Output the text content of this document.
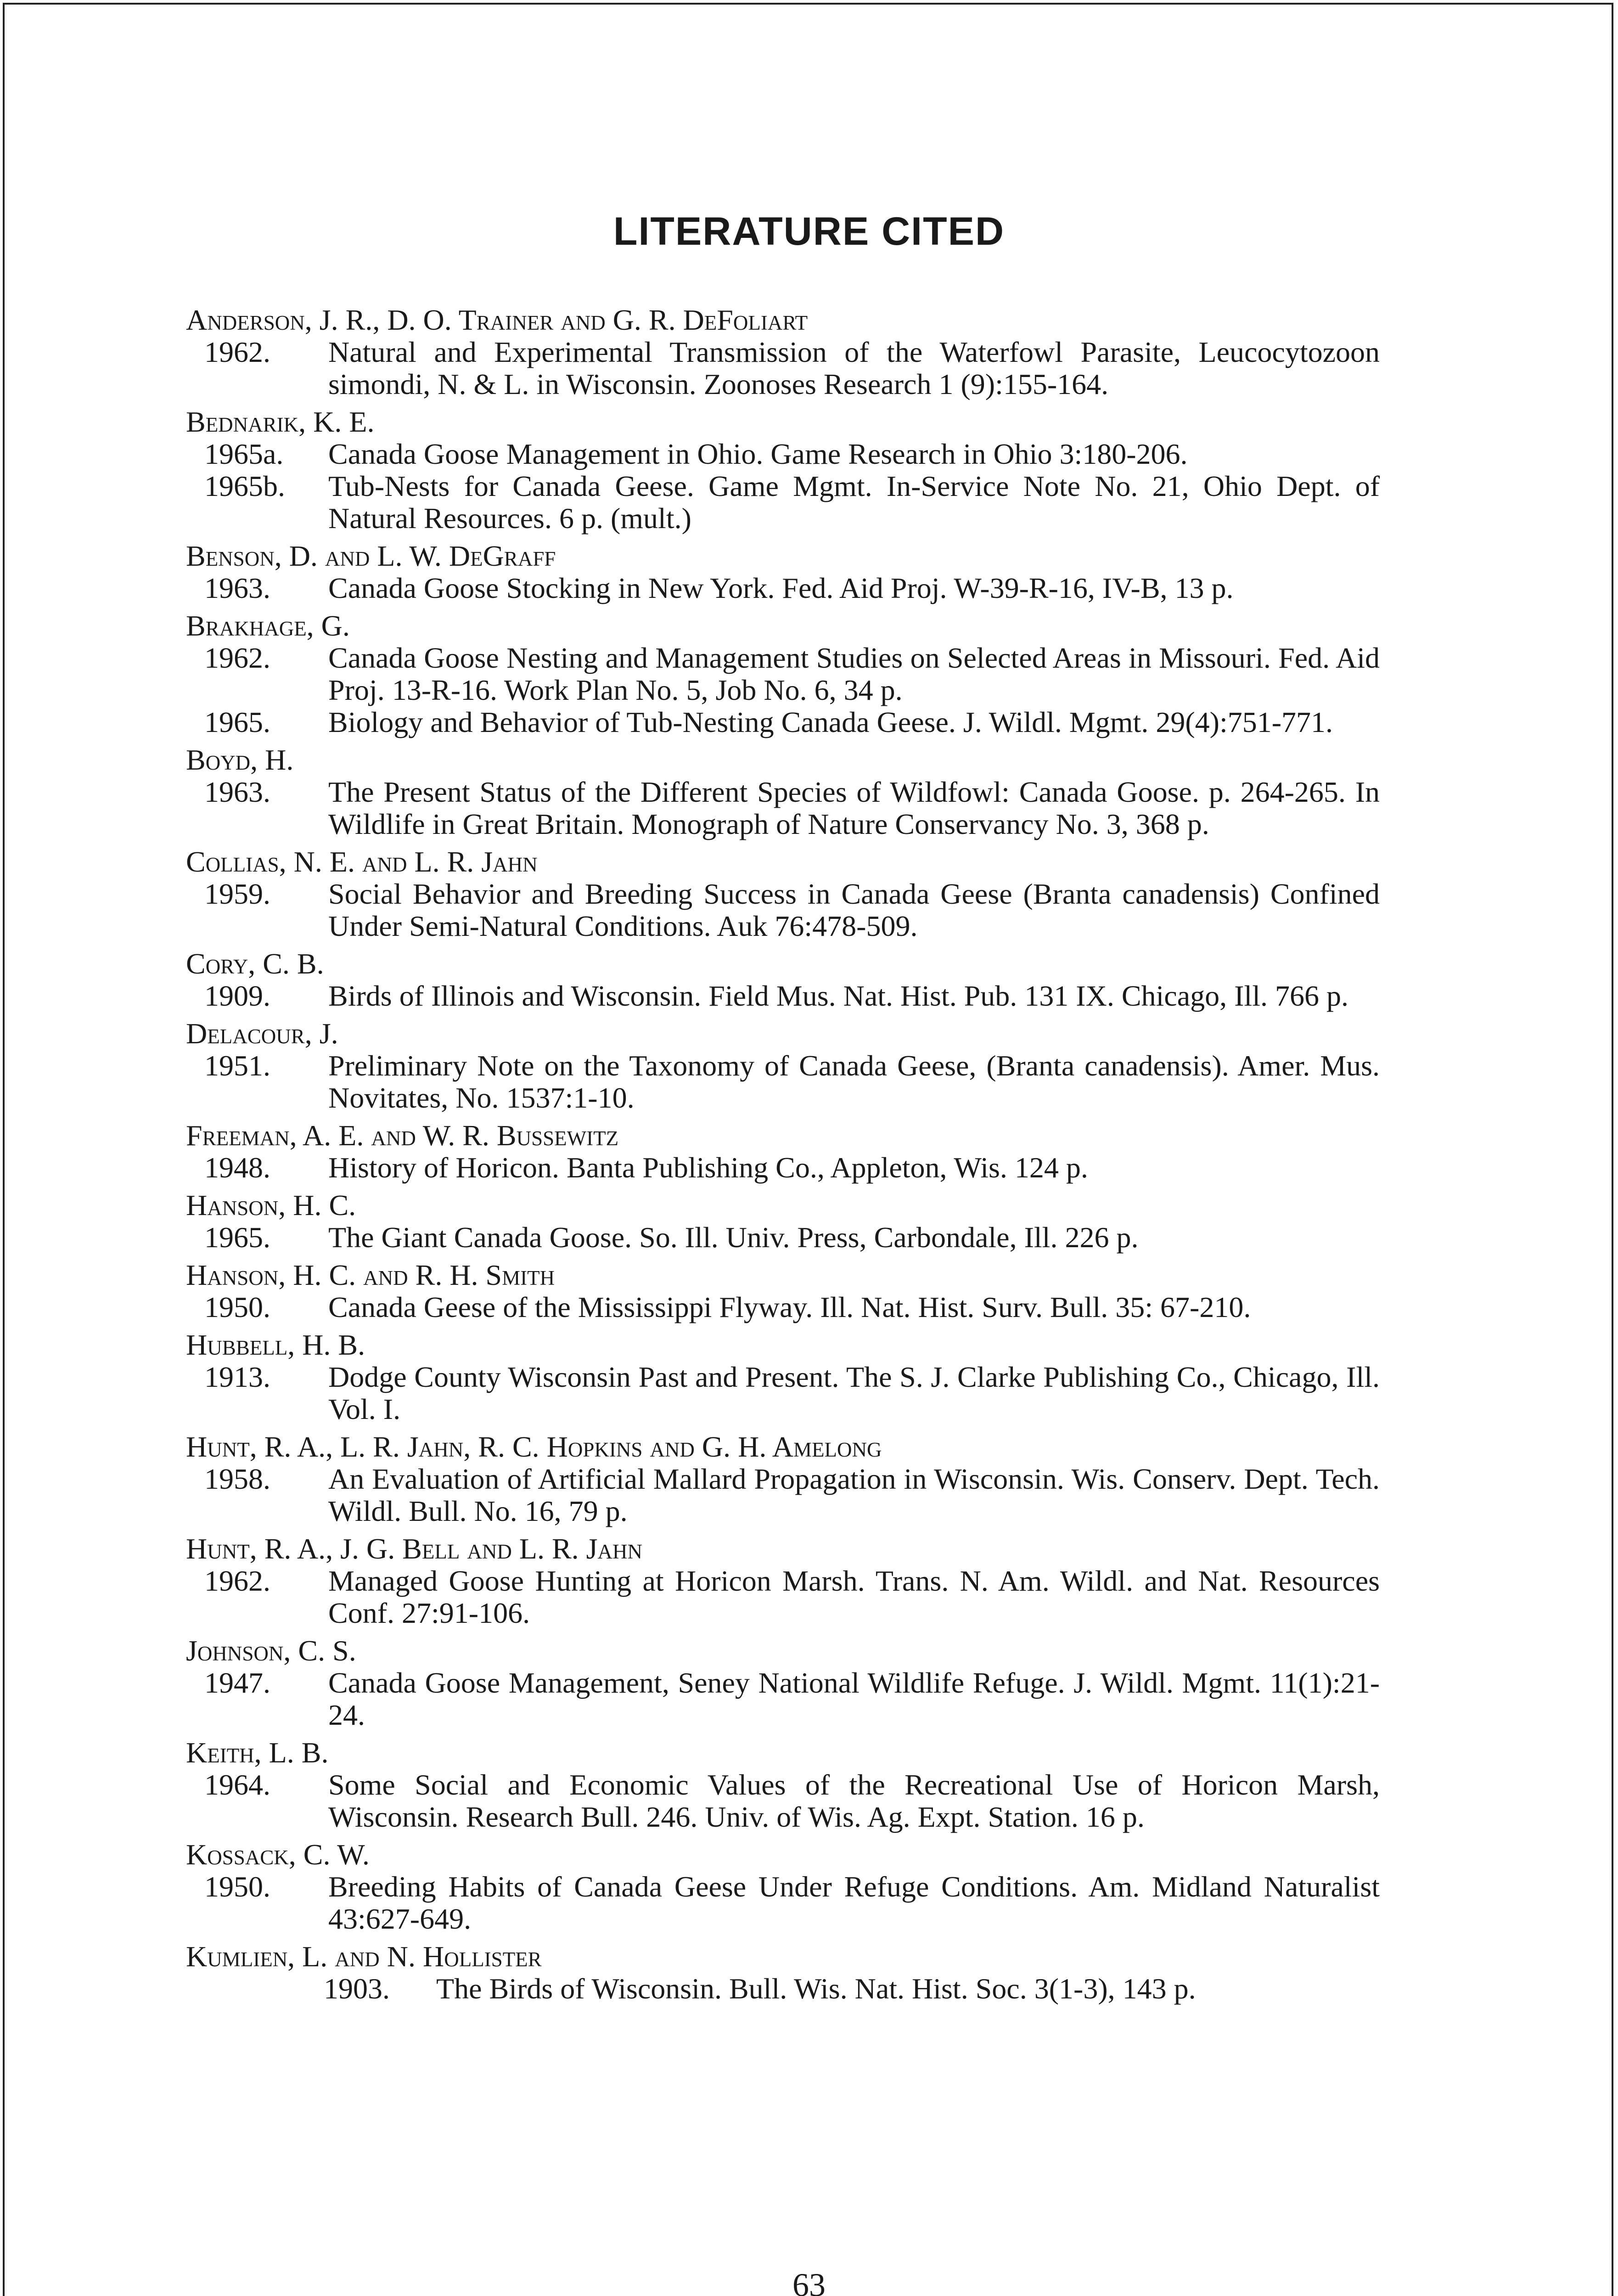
LITERATURE CITED
Anderson, J. R., D. O. Trainer and G. R. DeFoliart
1962.	Natural and Experimental Transmission of the Waterfowl Parasite, Leucocytozoon simondi, N. & L. in Wisconsin. Zoonoses Research 1 (9):155-164.
Bednarik, K. E.
1965a.	Canada Goose Management in Ohio. Game Research in Ohio 3:180-206.
1965b.	Tub-Nests for Canada Geese. Game Mgmt. In-Service Note No. 21, Ohio Dept. of Natural Resources. 6 p. (mult.)
Benson, D. and L. W. DeGraff
1963.	Canada Goose Stocking in New York. Fed. Aid Proj. W-39-R-16, IV-B, 13 p.
Brakhage, G.
1962.	Canada Goose Nesting and Management Studies on Selected Areas in Missouri. Fed. Aid Proj. 13-R-16. Work Plan No. 5, Job No. 6, 34 p.
1965.	Biology and Behavior of Tub-Nesting Canada Geese. J. Wildl. Mgmt. 29(4):751-771.
Boyd, H.
1963.	The Present Status of the Different Species of Wildfowl: Canada Goose. p. 264-265. In Wildlife in Great Britain. Monograph of Nature Conservancy No. 3, 368 p.
Collias, N. E. and L. R. Jahn
1959.	Social Behavior and Breeding Success in Canada Geese (Branta canadensis) Confined Under Semi-Natural Conditions. Auk 76:478-509.
Cory, C. B.
1909.	Birds of Illinois and Wisconsin. Field Mus. Nat. Hist. Pub. 131 IX. Chicago, Ill. 766 p.
Delacour, J.
1951.	Preliminary Note on the Taxonomy of Canada Geese, (Branta canadensis). Amer. Mus. Novitates, No. 1537:1-10.
Freeman, A. E. and W. R. Bussewitz
1948.	History of Horicon. Banta Publishing Co., Appleton, Wis. 124 p.
Hanson, H. C.
1965.	The Giant Canada Goose. So. Ill. Univ. Press, Carbondale, Ill. 226 p.
Hanson, H. C. and R. H. Smith
1950.	Canada Geese of the Mississippi Flyway. Ill. Nat. Hist. Surv. Bull. 35: 67-210.
Hubbell, H. B.
1913.	Dodge County Wisconsin Past and Present. The S. J. Clarke Publishing Co., Chicago, Ill. Vol. I.
Hunt, R. A., L. R. Jahn, R. C. Hopkins and G. H. Amelong
1958.	An Evaluation of Artificial Mallard Propagation in Wisconsin. Wis. Conserv. Dept. Tech. Wildl. Bull. No. 16, 79 p.
Hunt, R. A., J. G. Bell and L. R. Jahn
1962.	Managed Goose Hunting at Horicon Marsh. Trans. N. Am. Wildl. and Nat. Resources Conf. 27:91-106.
Johnson, C. S.
1947.	Canada Goose Management, Seney National Wildlife Refuge. J. Wildl. Mgmt. 11(1):21-24.
Keith, L. B.
1964.	Some Social and Economic Values of the Recreational Use of Horicon Marsh, Wisconsin. Research Bull. 246. Univ. of Wis. Ag. Expt. Station. 16 p.
Kossack, C. W.
1950.	Breeding Habits of Canada Geese Under Refuge Conditions. Am. Midland Naturalist 43:627-649.
Kumlien, L. and N. Hollister
1903.	The Birds of Wisconsin. Bull. Wis. Nat. Hist. Soc. 3(1-3), 143 p.
63
